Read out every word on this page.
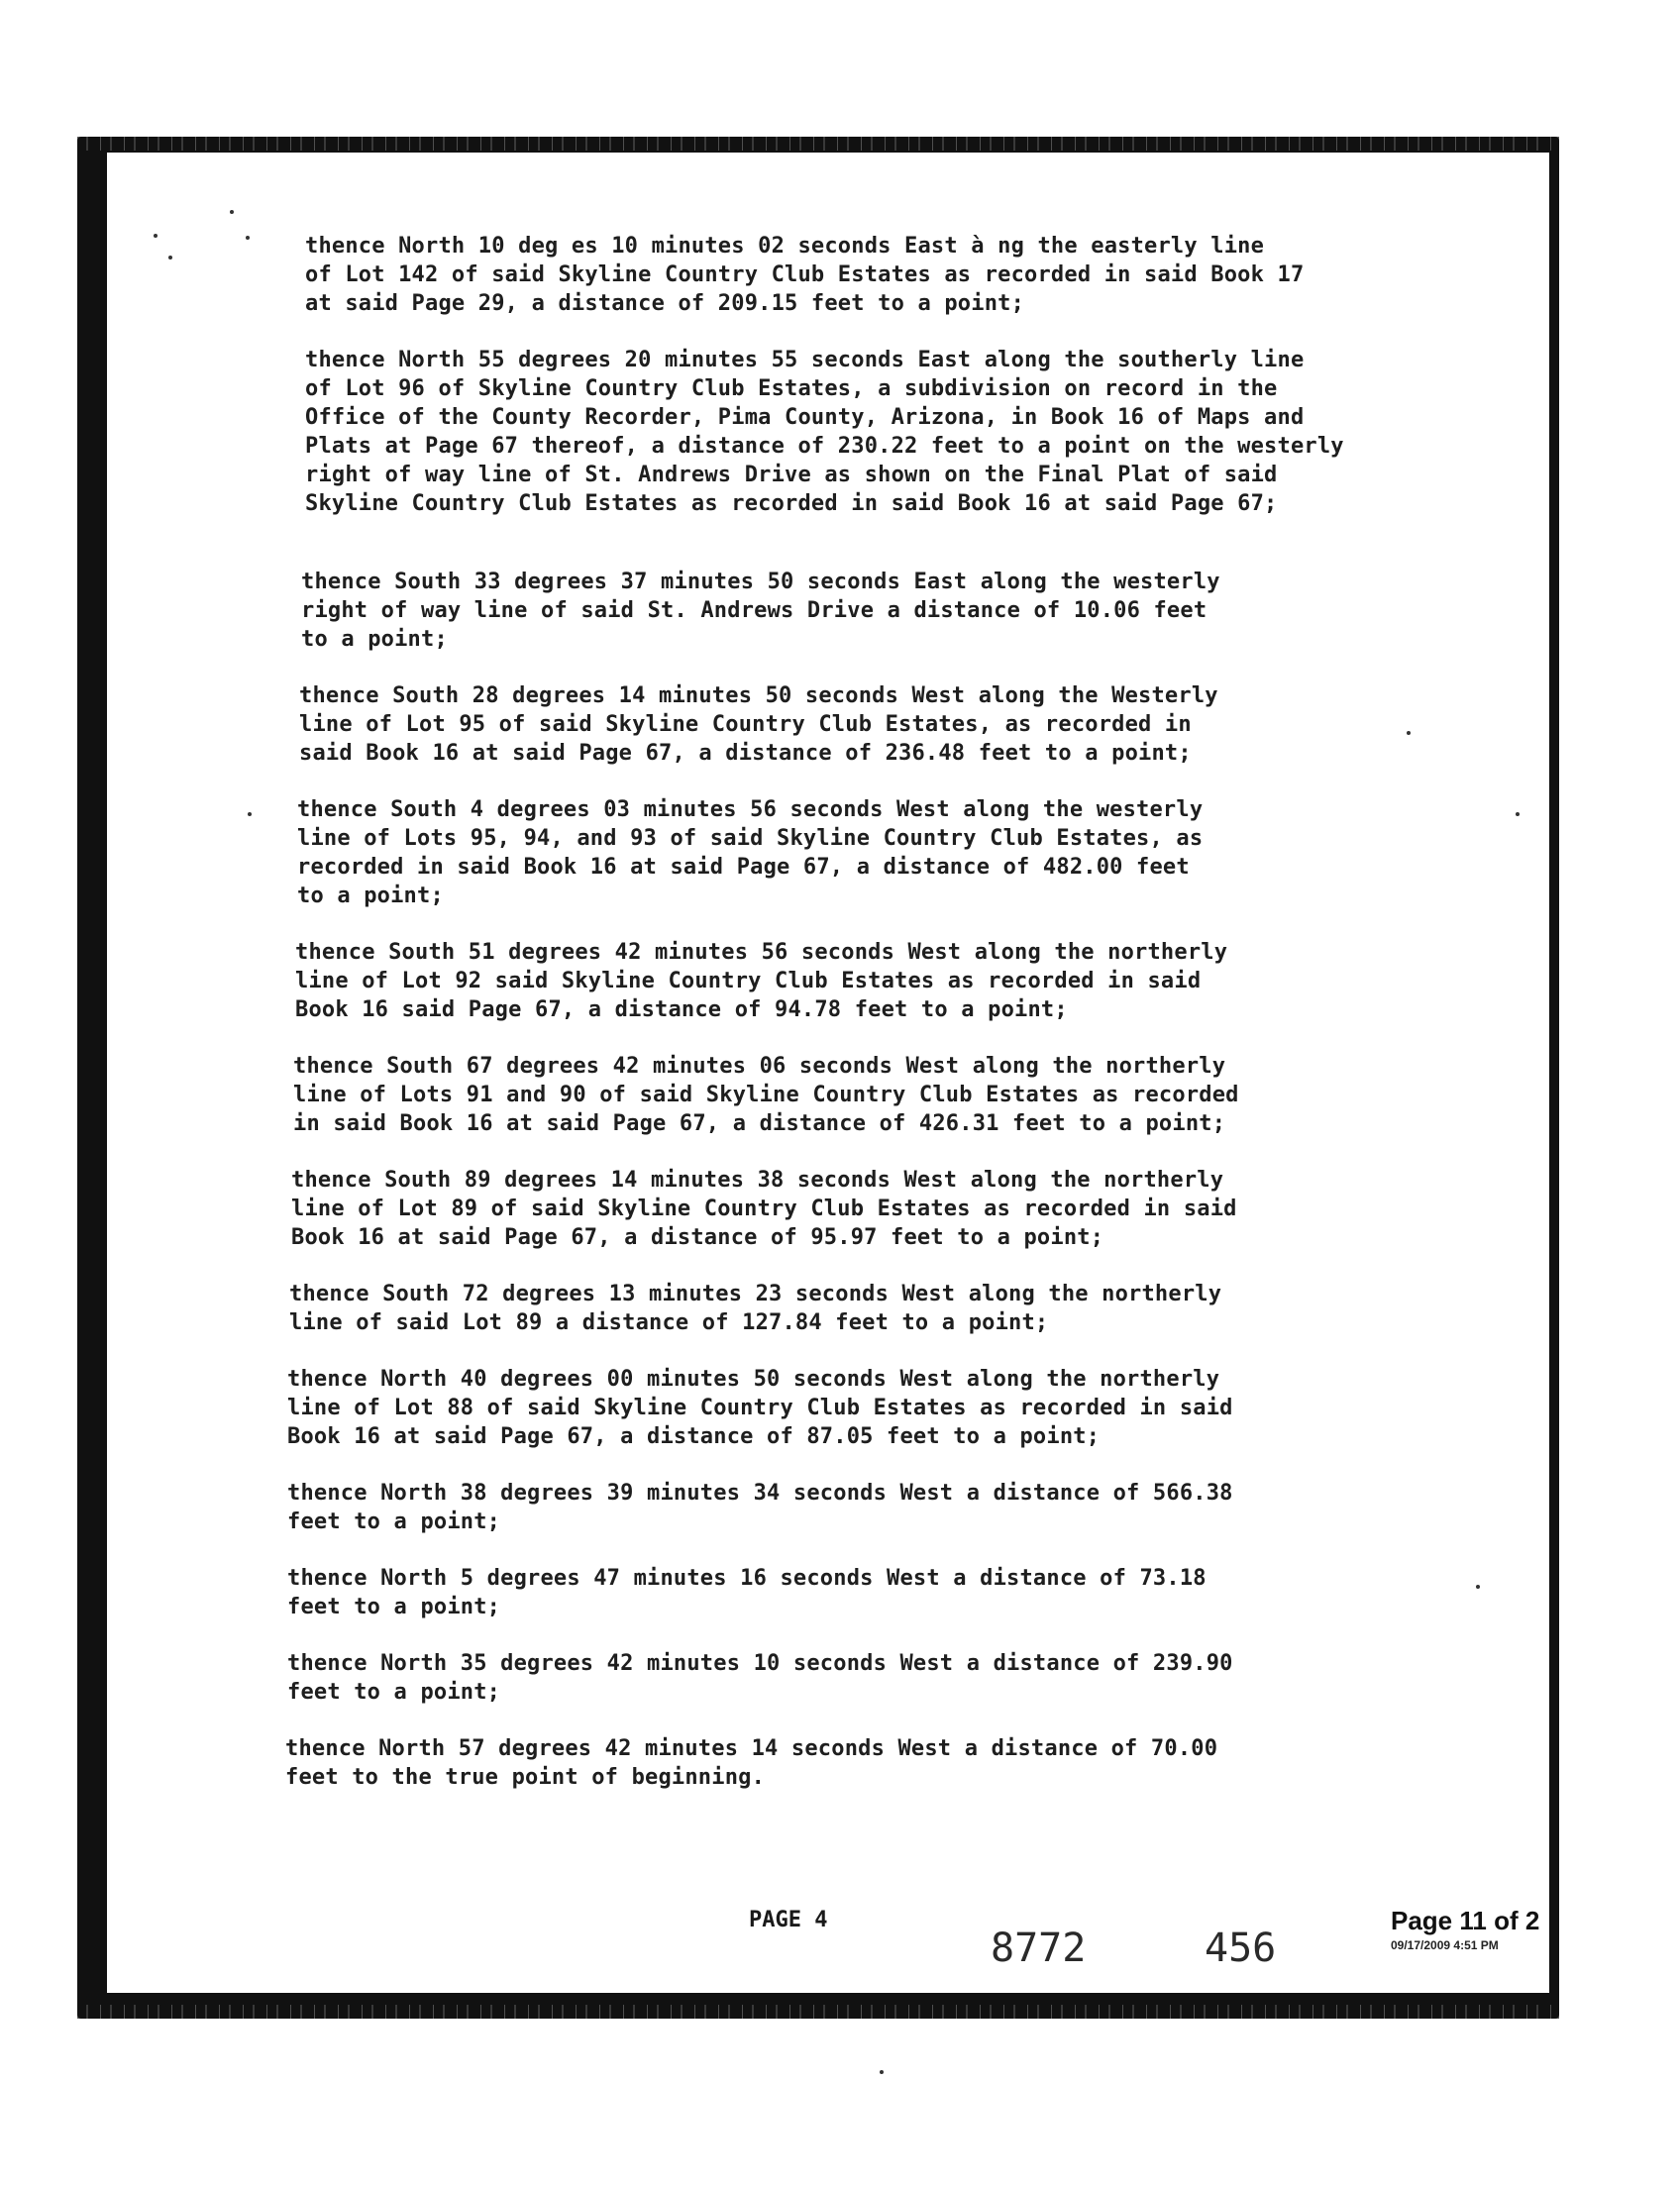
thence North 10 deg es 10 minutes 02 seconds East à ng the easterly line
of Lot 142 of said Skyline Country Club Estates as recorded in said Book 17
at said Page 29, a distance of 209.15 feet to a point;

thence North 55 degrees 20 minutes 55 seconds East along the southerly line
of Lot 96 of Skyline Country Club Estates, a subdivision on record in the
Office of the County Recorder, Pima County, Arizona, in Book 16 of Maps and
Plats at Page 67 thereof, a distance of 230.22 feet to a point on the westerly
right of way line of St. Andrews Drive as shown on the Final Plat of said
Skyline Country Club Estates as recorded in said Book 16 at said Page 67;

thence South 33 degrees 37 minutes 50 seconds East along the westerly
right of way line of said St. Andrews Drive a distance of 10.06 feet
to a point;

thence South 28 degrees 14 minutes 50 seconds West along the Westerly
line of Lot 95 of said Skyline Country Club Estates, as recorded in
said Book 16 at said Page 67, a distance of 236.48 feet to a point;

thence South 4 degrees 03 minutes 56 seconds West along the westerly
line of Lots 95, 94, and 93 of said Skyline Country Club Estates, as
recorded in said Book 16 at said Page 67, a distance of 482.00 feet
to a point;

thence South 51 degrees 42 minutes 56 seconds West along the northerly
line of Lot 92 said Skyline Country Club Estates as recorded in said
Book 16 said Page 67, a distance of 94.78 feet to a point;

thence South 67 degrees 42 minutes 06 seconds West along the northerly
line of Lots 91 and 90 of said Skyline Country Club Estates as recorded
in said Book 16 at said Page 67, a distance of 426.31 feet to a point;

thence South 89 degrees 14 minutes 38 seconds West along the northerly
line of Lot 89 of said Skyline Country Club Estates as recorded in said
Book 16 at said Page 67, a distance of 95.97 feet to a point;

thence South 72 degrees 13 minutes 23 seconds West along the northerly
line of said Lot 89 a distance of 127.84 feet to a point;

thence North 40 degrees 00 minutes 50 seconds West along the northerly
line of Lot 88 of said Skyline Country Club Estates as recorded in said
Book 16 at said Page 67, a distance of 87.05 feet to a point;

thence North 38 degrees 39 minutes 34 seconds West a distance of 566.38
feet to a point;

thence North 5 degrees 47 minutes 16 seconds West a distance of 73.18
feet to a point;

thence North 35 degrees 42 minutes 10 seconds West a distance of 239.90
feet to a point;

thence North 57 degrees 42 minutes 14 seconds West a distance of 70.00
feet to the true point of beginning.

PAGE 4
8772	456
Page 11 of 2
09/17/2009 4:51 PM
